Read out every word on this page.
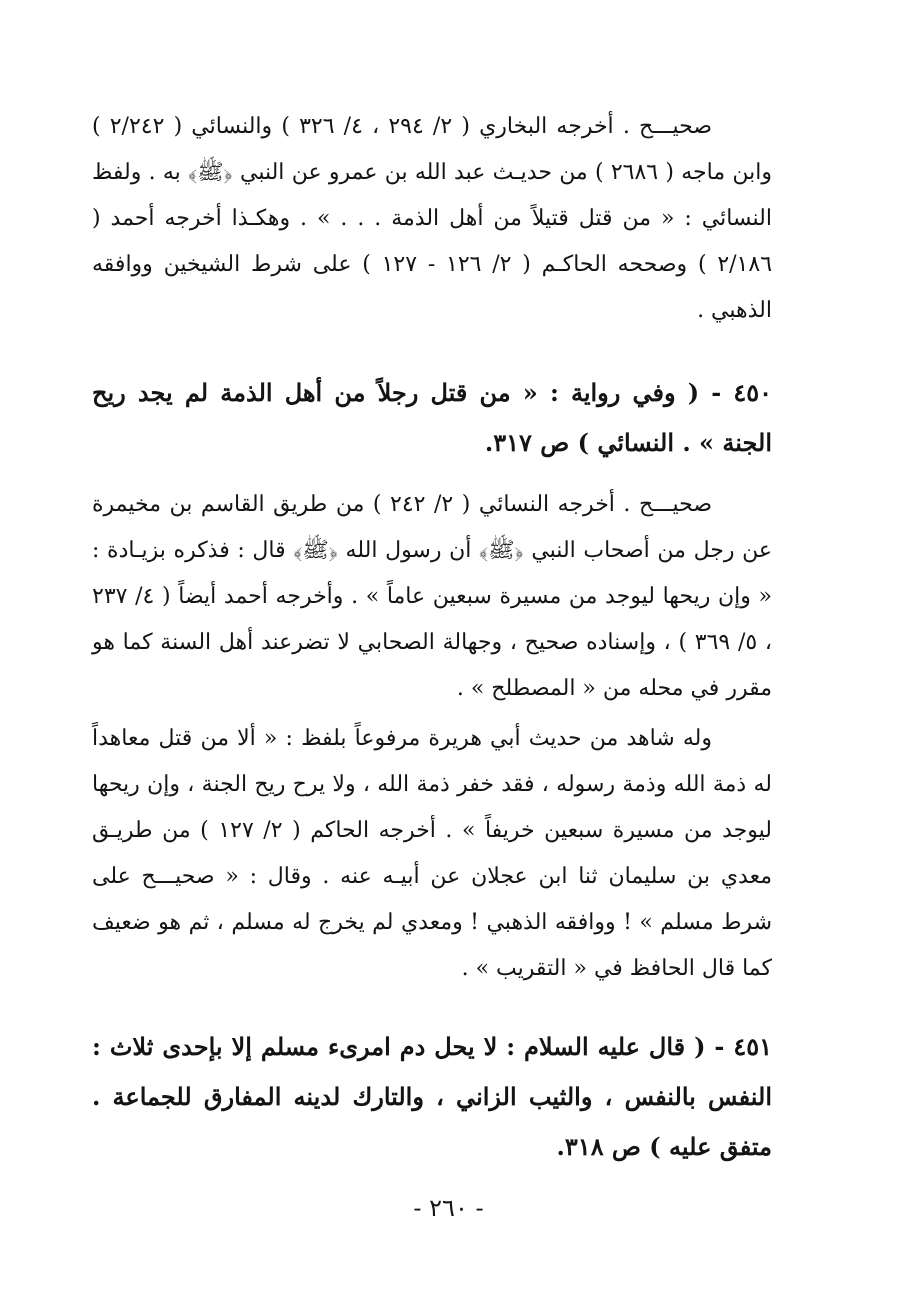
صحيـــح . أخرجه البخاري ( ٢/ ٢٩٤ ، ٤/ ٣٢٦ ) والنسائي ( ٢/٢٤٢ ) وابن ماجه ( ٢٦٨٦ ) من حديـث عبد الله بن عمرو عن النبي ﴿ﷺ﴾ به . ولفظ النسائي : « من قتل قتيلاً من أهل الذمة . . . » . وهكـذا أخرجه أحمد ( ٢/١٨٦ ) وصححه الحاكـم ( ٢/ ١٢٦ - ١٢٧ ) على شرط الشيخين ووافقه الذهبي .

٤٥٠ - ( وفي رواية : « من قتل رجلاً من أهل الذمة لم يجد ريح الجنة » . النسائي ) ص ٣١٧.

صحيـــح . أخرجه النسائي ( ٢/ ٢٤٢ ) من طريق القاسم بن مخيمرة عن رجل من أصحاب النبي ﴿ﷺ﴾ أن رسول الله ﴿ﷺ﴾ قال : فذكره بزيـادة : « وإن ريحها ليوجد من مسيرة سبعين عاماً » . وأخرجه أحمد أيضاً ( ٤/ ٢٣٧ ، ٥/ ٣٦٩ ) ، وإسناده صحيح ، وجهالة الصحابي لا تضرعند أهل السنة كما هو مقرر في محله من « المصطلح » .

وله شاهد من حديث أبي هريرة مرفوعاً بلفظ : « ألا من قتل معاهداً له ذمة الله وذمة رسوله ، فقد خفر ذمة الله ، ولا يرح ريح الجنة ، وإن ريحها ليوجد من مسيرة سبعين خريفاً » . أخرجه الحاكم ( ٢/ ١٢٧ ) من طريـق معدي بن سليمان ثنا ابن عجلان عن أبيـه عنه . وقال : « صحيـــح على شرط مسلم » ! ووافقه الذهبي ! ومعدي لم يخرج له مسلم ، ثم هو ضعيف كما قال الحافظ في « التقريب » .

٤٥١ - ( قال عليه السلام : لا يحل دم امرىء مسلم إلا بإحدى ثلاث : النفس بالنفس ، والثيب الزاني ، والتارك لدينه المفارق للجماعة . متفق عليه ) ص ٣١٨.

- ٢٦٠ -
